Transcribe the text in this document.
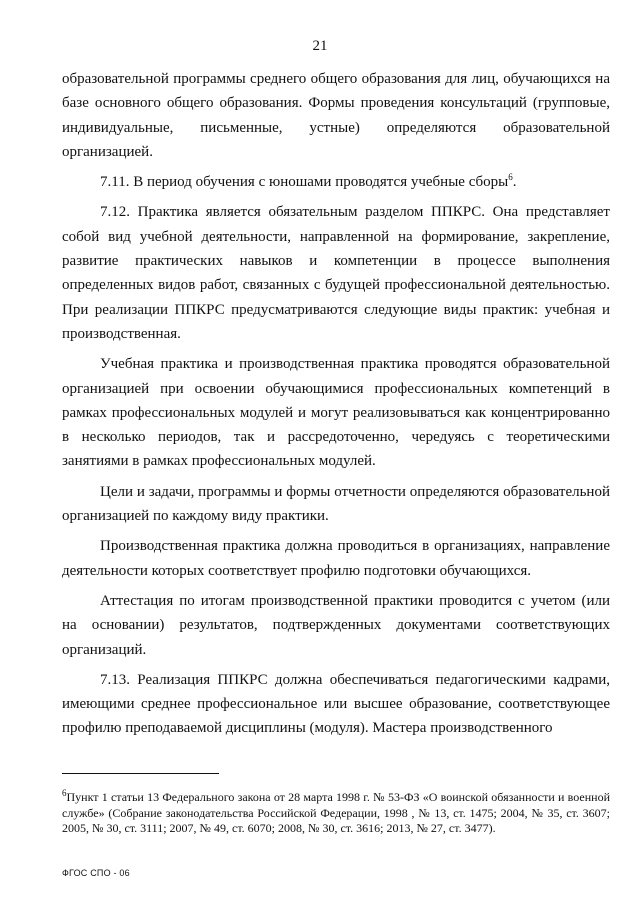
21

образовательной программы среднего общего образования для лиц, обучающихся на базе основного общего образования. Формы проведения консультаций (групповые, индивидуальные, письменные, устные) определяются образовательной организацией.

7.11. В период обучения с юношами проводятся учебные сборы$^6$.

7.12. Практика является обязательным разделом ППКРС. Она представляет собой вид учебной деятельности, направленной на формирование, закрепление, развитие практических навыков и компетенции в процессе выполнения определенных видов работ, связанных с будущей профессиональной деятельностью. При реализации ППКРС предусматриваются следующие виды практик: учебная и производственная.

Учебная практика и производственная практика проводятся образовательной организацией при освоении обучающимися профессиональных компетенций в рамках профессиональных модулей и могут реализовываться как концентрированно в несколько периодов, так и рассредоточенно, чередуясь с теоретическими занятиями в рамках профессиональных модулей.

Цели и задачи, программы и формы отчетности определяются образовательной организацией по каждому виду практики.

Производственная практика должна проводиться в организациях, направление деятельности которых соответствует профилю подготовки обучающихся.

Аттестация по итогам производственной практики проводится с учетом (или на основании) результатов, подтвержденных документами соответствующих организаций.

7.13. Реализация ППКРС должна обеспечиваться педагогическими кадрами, имеющими среднее профессиональное или высшее образование, соответствующее профилю преподаваемой дисциплины (модуля). Мастера производственного

$^6$Пункт 1 статьи 13 Федерального закона от 28 марта 1998 г. № 53-ФЗ «О воинской обязанности и военной службе» (Собрание законодательства Российской Федерации, 1998 , № 13, ст. 1475; 2004, № 35, ст. 3607; 2005, № 30, ст. 3111; 2007, № 49, ст. 6070; 2008, № 30, ст. 3616; 2013, № 27, ст. 3477).
ФГОС СПО - 06
